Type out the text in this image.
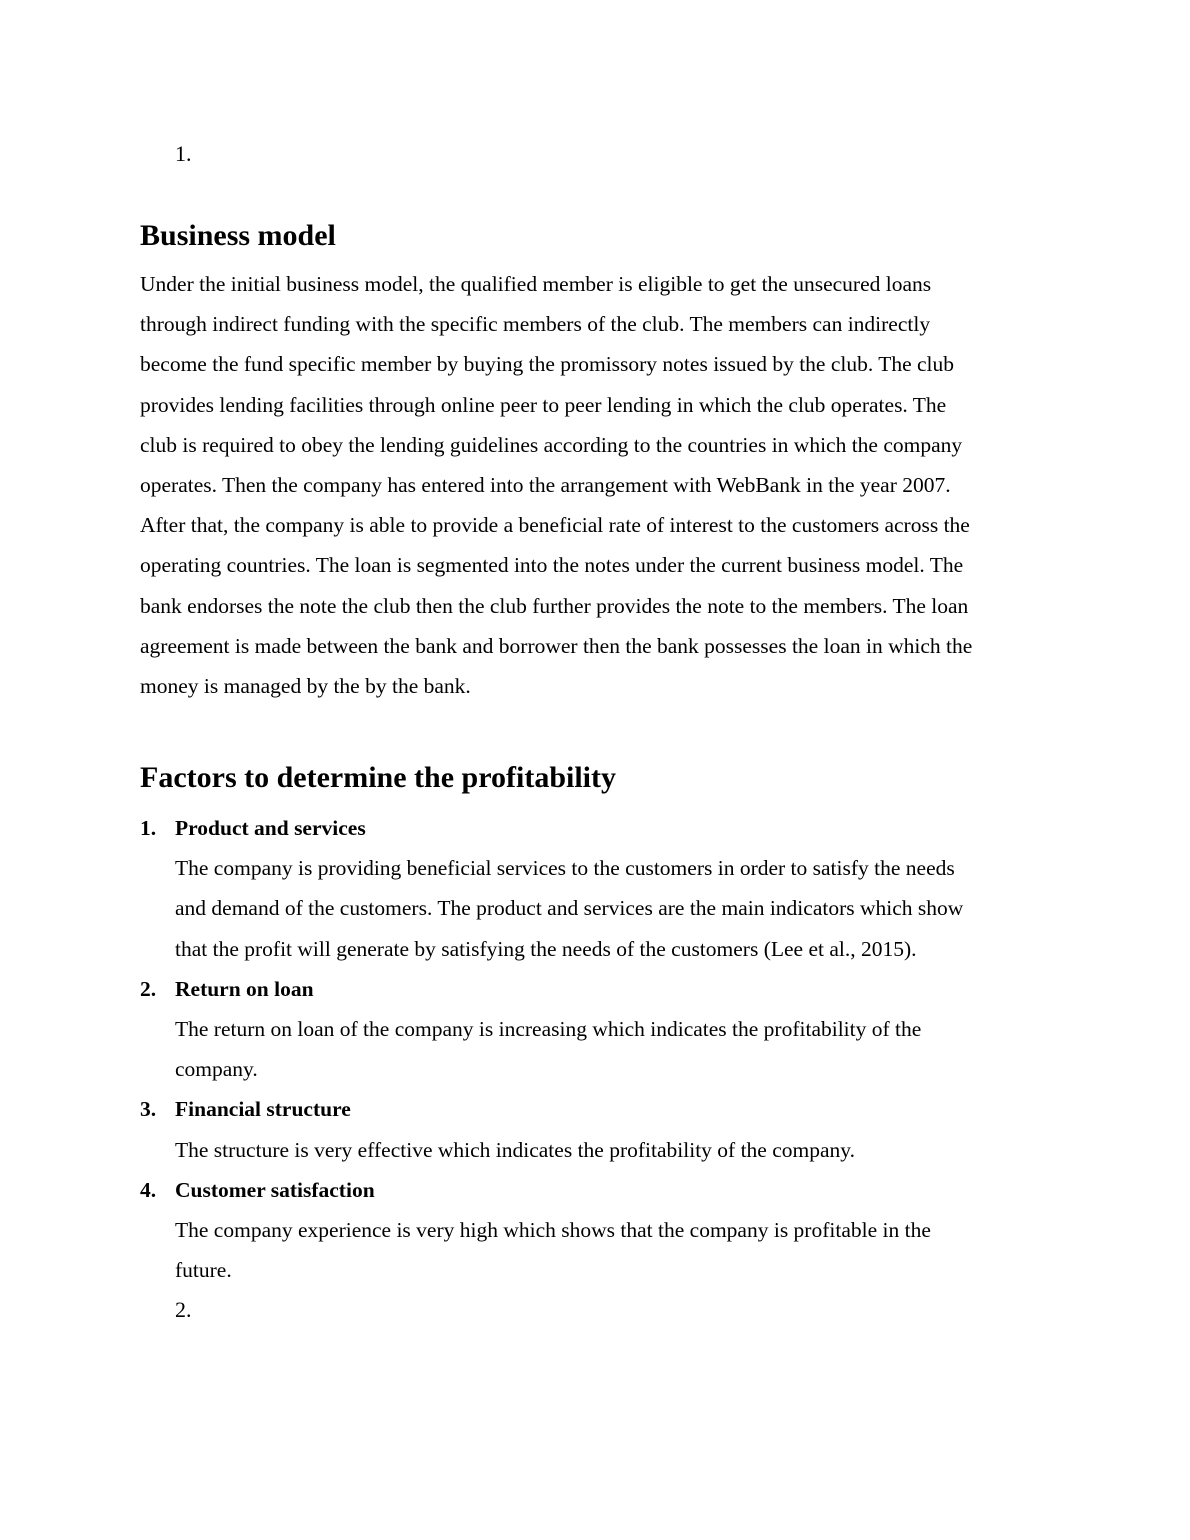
1.
Business model

Under the initial business model, the qualified member is eligible to get the unsecured loans
through indirect funding with the specific members of the club. The members can indirectly
become the fund specific member by buying the promissory notes issued by the club. The club
provides lending facilities through online peer to peer lending in which the club operates. The
club is required to obey the lending guidelines according to the countries in which the company
operates. Then the company has entered into the arrangement with WebBank in the year 2007.
After that, the company is able to provide a beneficial rate of interest to the customers across the
operating countries. The loan is segmented into the notes under the current business model. The
bank endorses the note the club then the club further provides the note to the members. The loan
agreement is made between the bank and borrower then the bank possesses the loan in which the
money is managed by the by the bank.

Factors to determine the profitability
1. Product and services
The company is providing beneficial services to the customers in order to satisfy the needs
and demand of the customers. The product and services are the main indicators which show
that the profit will generate by satisfying the needs of the customers (Lee et al., 2015).
2. Return on loan
The return on loan of the company is increasing which indicates the profitability of the
company.
3. Financial structure
The structure is very effective which indicates the profitability of the company.
4. Customer satisfaction
The company experience is very high which shows that the company is profitable in the
future.
2.
